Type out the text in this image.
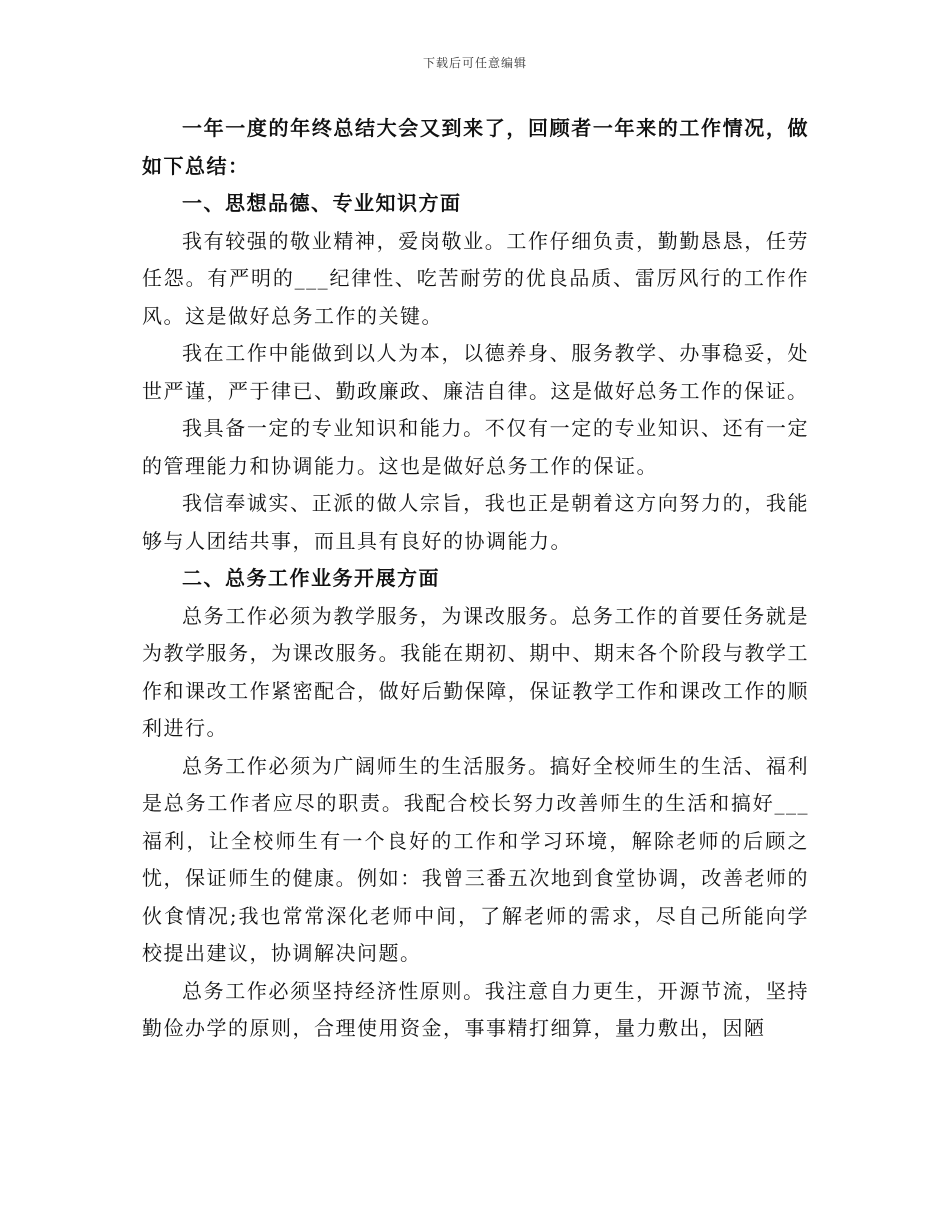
下载后可任意编辑

一年一度的年终总结大会又到来了，回顾者一年来的工作情况，做如下总结：

一、思想品德、专业知识方面

我有较强的敬业精神，爱岗敬业。工作仔细负责，勤勤恳恳，任劳任怨。有严明的___纪律性、吃苦耐劳的优良品质、雷厉风行的工作作风。这是做好总务工作的关键。

我在工作中能做到以人为本，以德养身、服务教学、办事稳妥，处世严谨，严于律已、勤政廉政、廉洁自律。这是做好总务工作的保证。

我具备一定的专业知识和能力。不仅有一定的专业知识、还有一定的管理能力和协调能力。这也是做好总务工作的保证。

我信奉诚实、正派的做人宗旨，我也正是朝着这方向努力的，我能够与人团结共事，而且具有良好的协调能力。

二、总务工作业务开展方面

总务工作必须为教学服务，为课改服务。总务工作的首要任务就是为教学服务，为课改服务。我能在期初、期中、期末各个阶段与教学工作和课改工作紧密配合，做好后勤保障，保证教学工作和课改工作的顺利进行。

总务工作必须为广阔师生的生活服务。搞好全校师生的生活、福利是总务工作者应尽的职责。我配合校长努力改善师生的生活和搞好___福利，让全校师生有一个良好的工作和学习环境，解除老师的后顾之忧，保证师生的健康。例如：我曾三番五次地到食堂协调，改善老师的伙食情况;我也常常深化老师中间，了解老师的需求，尽自己所能向学校提出建议，协调解决问题。

总务工作必须坚持经济性原则。我注意自力更生，开源节流，坚持勤俭办学的原则，合理使用资金，事事精打细算，量力敷出，因陋
